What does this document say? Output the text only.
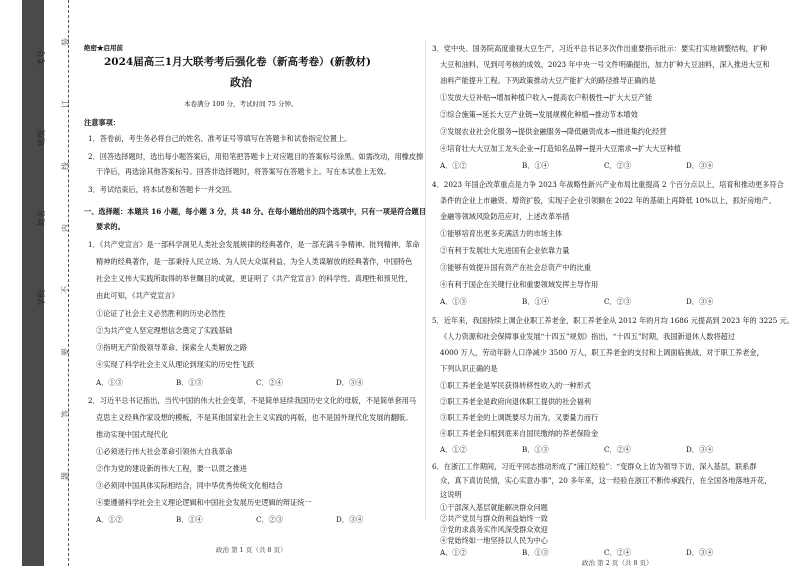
学校：
姓名：
班级：
考号： 装
订
线
内
不
要
答
题
绝密★启用前
2024届高三1月大联考考后强化卷（新高考卷）(新教材)
政治
本卷满分 100 分，考试时间 75 分钟。
注意事项：
1．答卷前，考生务必将自己的姓名、准考证号等填写在答题卡和试卷指定位置上。
2．回答选择题时，选出每小题答案后，用铅笔把答题卡上对应题目的答案标号涂黑。如需改动，用橡皮擦
干净后，再选涂其他答案标号。回答非选择题时，将答案写在答题卡上。写在本试卷上无效。
3．考试结束后，将本试卷和答题卡一并交回。
一、选择题：本题共 16 小题，每小题 3 分，共 48 分。在每小题给出的四个选项中，只有一项是符合题目
要求的。
1．《共产党宣言》是一部科学洞见人类社会发展规律的经典著作，是一部充满斗争精神、批判精神、革命
精神的经典著作，是一部秉持人民立场、为人民大众谋利益、为全人类谋解放的经典著作，中国特色
社会主义伟大实践所取得的举世瞩目的成就，更证明了《共产党宣言》的科学性、真理性和预见性，
由此可知，《共产党宣言》
①论证了社会主义必然胜利的历史必然性
②为共产党人坚定理想信念奠定了实践基础
③指明无产阶级领导革命、探索全人类解放之路
④实现了科学社会主义从理论到现实的历史性飞跃
A．①③	B．①③	C．②④	D．③④
2．习近平总书记指出，当代中国的伟大社会变革，不是简单延续我国历史文化的母版，不是简单套用马
克思主义经典作家设想的模板，不是其他国家社会主义实践的再版，也不是国外现代化发展的翻版。
推动实现中国式现代化
①必须进行伟大社会革命引领伟大自我革命
②作为党的建设新的伟大工程，要一以贯之推进
③必须同中国具体实际相结合，同中华优秀传统文化相结合
④要遵循科学社会主义理论逻辑和中国社会发展历史逻辑的辩证统一
A．①②	B．①④	C．②③	D．③④
政治 第 1 页（共 8 页）
3．党中央、国务院高度重视大豆生产，习近平总书记多次作出重要指示批示：要实打实地调整结构，扩种
大豆和油料，见到可考核的成效。2023 年中央一号文件明确提出，加力扩种大豆油料，深入推进大豆和
油料产能提升工程。下列政策推动大豆产能扩大的路径推导正确的是
①发放大豆补贴→增加种植户收入→提高农户积极性→扩大大豆产能
②综合施策→延长大豆产业链→发展规模化种植→推动节本增效
③发展农业社会化服务→提供金融服务→降低融资成本→推进集约化经营
④培育壮大大豆加工龙头企业→打造知名品牌→提升大豆需求→扩大大豆种植
A．①②	B．①④	C．②③	D．③④
4．2023 年国企改革重点是力争 2023 年战略性新兴产业布局比重提高 2 个百分点以上，培育和推动更多符合
条件的企业上市融资、增资扩股，实现子企业引领额在 2022 年的基础上再降低 10%以上，抓好房地产、
金融等领域风险防范应对，上述改革举措
①能够培育出更多充满活力的市场主体
②有利于发展壮大先进国有企业依靠力量
③能够有效提升国有资产在社会总资产中的比重
④有利于国企在关键行业和重要领域发挥主导作用
A．①③	B．①④	C．②③	D．③④
5．近年来，我国持续上调企业职工养老金，职工养老金从 2012 年的月均 1686 元提高到 2023 年的 3225 元。
《人力资源和社会保障事业发展“十四五”规划》指出，“十四五”时期，我国新退休人数将超过
4000 万人，劳动年龄人口净减少 3500 万人，职工养老金的支付和上调面临挑战，对于职工养老金，
下列认识正确的是
①职工养老金是军民获得转移性收入的一种形式
②职工养老金是政府向退休职工提供的社会福利
③职工养老金的上调既要尽力而为，又要量力而行
④职工养老金归根到底来自国民缴纳的养老保险金
A．①②	B．①③	C．②④	D．③④
6．在浙江工作期间，习近平同志推动形成了“浦江经验”：“变群众上访为领导下访，深入基层，联系群
众，真下真访民情，实心实意办事”，20 多年来，这一经验在浙江不断传承践行，在全国各地落地开花，
这说明
①干部深入基层就能解决群众问题
②共产党员与群众的利益始终一致
③党的求真务实作风深受群众欢迎
④党始终如一地坚持以人民为中心
A．①②	B．①③	C．②④	D．③④
政治 第 2 页（共 8 页）
